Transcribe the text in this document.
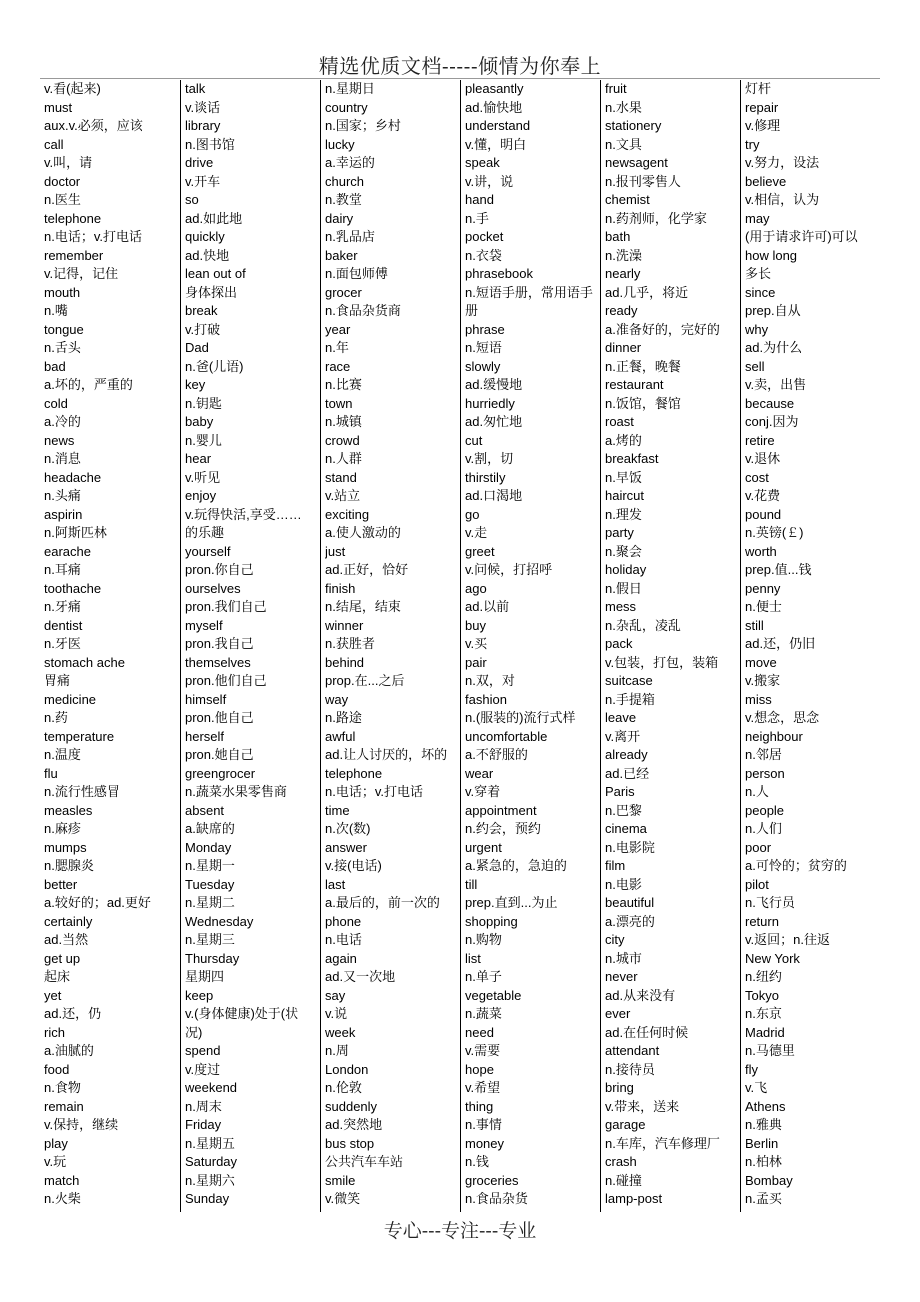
精选优质文档-----倾情为你奉上
v.看(起来)
must
aux.v.必须，应该
call
v.叫，请
doctor
n.医生
telephone
n.电话；v.打电话
remember
v.记得，记住
mouth
n.嘴
tongue
n.舌头
bad
a.坏的，严重的
cold
a.冷的
news
n.消息
headache
n.头痛
aspirin
n.阿斯匹林
earache
n.耳痛
toothache
n.牙痛
dentist
n.牙医
stomach ache
胃痛
medicine
n.药
temperature
n.温度
flu
n.流行性感冒
measles
n.麻疹
mumps
n.腮腺炎
better
a.较好的；ad.更好
certainly
ad.当然
get up
起床
yet
ad.还，仍
rich
a.油腻的
food
n.食物
remain
v.保持，继续
play
v.玩
match
n.火柴
talk
v.谈话
library
n.图书馆
drive
v.开车
so
ad.如此地
quickly
ad.快地
lean out of
身体探出
break
v.打破
Dad
n.爸(儿语)
key
n.钥匙
baby
n.婴儿
hear
v.听见
enjoy
v.玩得快活,享受……
的乐趣
yourself
pron.你自己
ourselves
pron.我们自己
myself
pron.我自己
themselves
pron.他们自己
himself
pron.他自己
herself
pron.她自己
greengrocer
n.蔬菜水果零售商
absent
a.缺席的
Monday
n.星期一
Tuesday
n.星期二
Wednesday
n.星期三
Thursday
星期四
keep
v.(身体健康)处于(状
况)
spend
v.度过
weekend
n.周末
Friday
n.星期五
Saturday
n.星期六
Sunday
n.星期日
country
n.国家；乡村
lucky
a.幸运的
church
n.教堂
dairy
n.乳品店
baker
n.面包师傅
grocer
n.食品杂货商
year
n.年
race
n.比赛
town
n.城镇
crowd
n.人群
stand
v.站立
exciting
a.使人激动的
just
ad.正好，恰好
finish
n.结尾，结束
winner
n.获胜者
behind
prop.在...之后
way
n.路途
awful
ad.让人讨厌的，坏的
telephone
n.电话；v.打电话
time
n.次(数)
answer
v.接(电话)
last
a.最后的，前一次的
phone
n.电话
again
ad.又一次地
say
v.说
week
n.周
London
n.伦敦
suddenly
ad.突然地
bus stop
公共汽车车站
smile
v.微笑
pleasantly
ad.愉快地
understand
v.懂，明白
speak
v.讲，说
hand
n.手
pocket
n.衣袋
phrasebook
n.短语手册，常用语手
册
phrase
n.短语
slowly
ad.缓慢地
hurriedly
ad.匆忙地
cut
v.割，切
thirstily
ad.口渴地
go
v.走
greet
v.问候，打招呼
ago
ad.以前
buy
v.买
pair
n.双，对
fashion
n.(服装的)流行式样
uncomfortable
a.不舒服的
wear
v.穿着
appointment
n.约会，预约
urgent
a.紧急的，急迫的
till
prep.直到...为止
shopping
n.购物
list
n.单子
vegetable
n.蔬菜
need
v.需要
hope
v.希望
thing
n.事情
money
n.钱
groceries
n.食品杂货
fruit
n.水果
stationery
n.文具
newsagent
n.报刊零售人
chemist
n.药剂师，化学家
bath
n.洗澡
nearly
ad.几乎，将近
ready
a.准备好的，完好的
dinner
n.正餐，晚餐
restaurant
n.饭馆，餐馆
roast
a.烤的
breakfast
n.早饭
haircut
n.理发
party
n.聚会
holiday
n.假日
mess
n.杂乱，凌乱
pack
v.包装，打包，装箱
suitcase
n.手提箱
leave
v.离开
already
ad.已经
Paris
n.巴黎
cinema
n.电影院
film
n.电影
beautiful
a.漂亮的
city
n.城市
never
ad.从来没有
ever
ad.在任何时候
attendant
n.接待员
bring
v.带来，送来
garage
n.车库，汽车修理厂
crash
n.碰撞
lamp-post
灯杆
repair
v.修理
try
v.努力，设法
believe
v.相信，认为
may
(用于请求许可)可以
how long
多长
since
prep.自从
why
ad.为什么
sell
v.卖，出售
because
conj.因为
retire
v.退休
cost
v.花费
pound
n.英镑(￡)
worth
prep.值...钱
penny
n.便士
still
ad.还，仍旧
move
v.搬家
miss
v.想念，思念
neighbour
n.邻居
person
n.人
people
n.人们
poor
a.可怜的；贫穷的
pilot
n.飞行员
return
v.返回；n.往返
New York
n.纽约
Tokyo
n.东京
Madrid
n.马德里
fly
v.飞
Athens
n.雅典
Berlin
n.柏林
Bombay
n.孟买
专心---专注---专业
